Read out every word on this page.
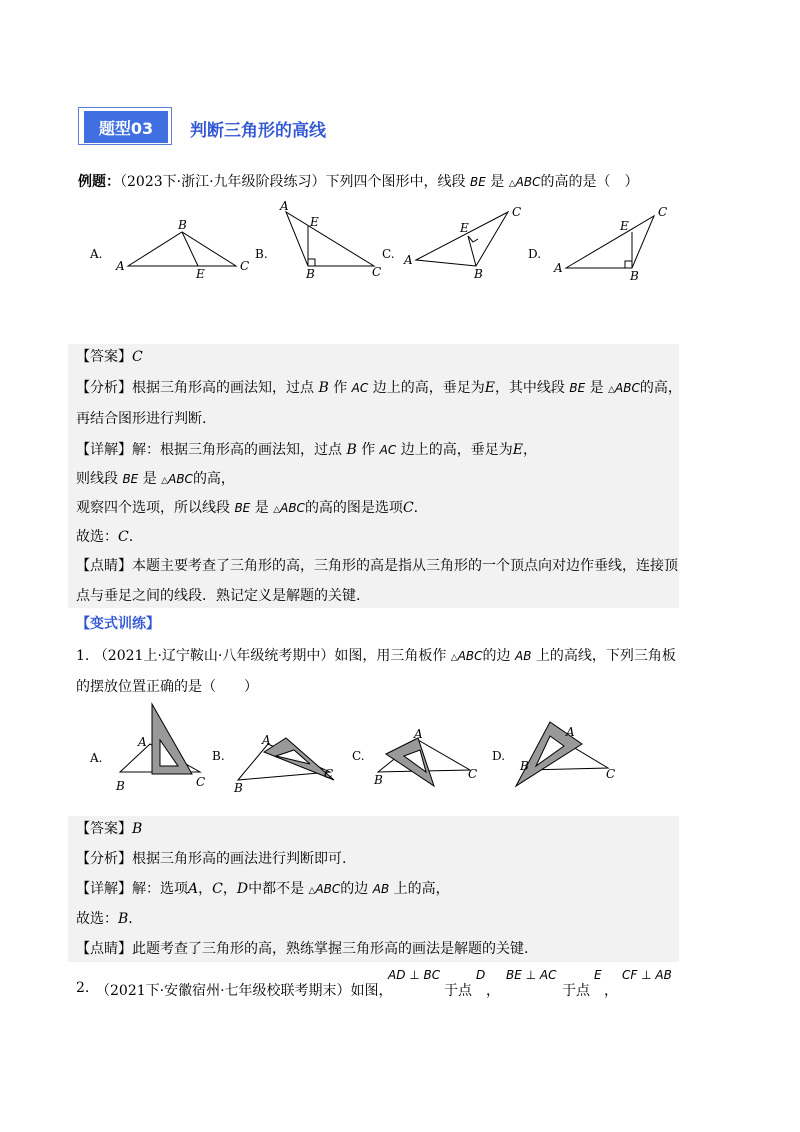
题型03	判断三角形的高线
例题：（2023下·浙江·九年级阶段练习）下列四个图形中，线段 BE 是 △ABC的高的是（　）
A.	B.	C.	D.
A
B
E
C
A
E
B	C
A
E
B
C
A
E
B
C
【答案】C
【分析】根据三角形高的画法知，过点 B 作 AC 边上的高，垂足为E，其中线段 BE 是 △ABC的高，
再结合图形进行判断.
【详解】解：根据三角形高的画法知，过点 B 作 AC 边上的高，垂足为E，
则线段 BE 是 △ABC的高，
观察四个选项，所以线段 BE 是 △ABC的高的图是选项C.
故选：C.
【点睛】本题主要考查了三角形的高，三角形的高是指从三角形的一个顶点向对边作垂线，连接顶
点与垂足之间的线段．熟记定义是解题的关键.
【变式训练】
1. （2021上·辽宁鞍山·八年级统考期中）如图，用三角板作 △ABC的边 AB 上的高线，下列三角板
的摆放位置正确的是（　　）
A.	B.	C.	D.
A
B	C
A
B
C
A
B	C
A
B
C
【答案】B
【分析】根据三角形高的画法进行判断即可.
【详解】解：选项A，C，D中都不是 △ABC的边 AB 上的高，
故选：B.
【点睛】此题考查了三角形的高，熟练掌握三角形高的画法是解题的关键.
2. （2021下·安徽宿州·七年级校联考期末）如图，
AD ⊥ BC
于点
D
，
BE ⊥ AC
于点
E
，
CF ⊥ AB
